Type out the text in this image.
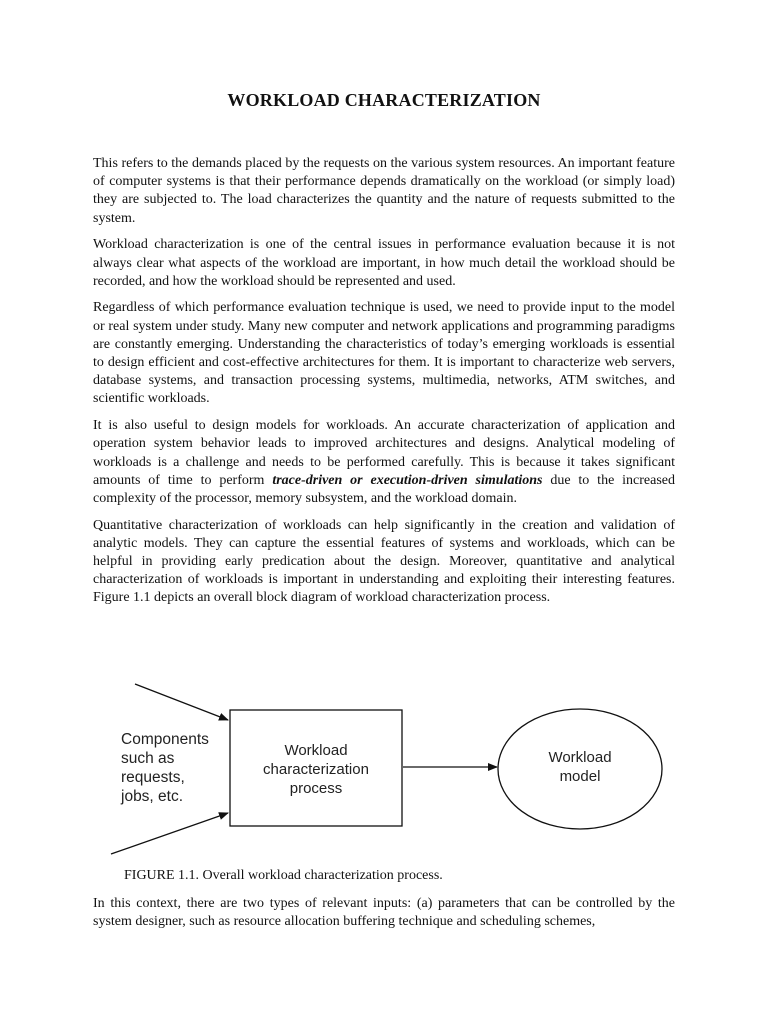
WORKLOAD CHARACTERIZATION

This refers to the demands placed by the requests on the various system resources. An important feature of computer systems is that their performance depends dramatically on the workload (or simply load) they are subjected to. The load characterizes the quantity and the nature of requests submitted to the system.

Workload characterization is one of the central issues in performance evaluation because it is not always clear what aspects of the workload are important, in how much detail the workload should be recorded, and how the workload should be represented and used.

Regardless of which performance evaluation technique is used, we need to provide input to the model or real system under study. Many new computer and network applications and programming paradigms are constantly emerging. Understanding the characteristics of today’s emerging workloads is essential to design efficient and cost-effective architectures for them. It is important to characterize web servers, database systems, and transaction processing systems, multimedia, networks, ATM switches, and scientific workloads.

It is also useful to design models for workloads. An accurate characterization of application and operation system behavior leads to improved architectures and designs. Analytical modeling of workloads is a challenge and needs to be performed carefully. This is because it takes significant amounts of time to perform trace-driven or execution-driven simulations due to the increased complexity of the processor, memory subsystem, and the workload domain.

Quantitative characterization of workloads can help significantly in the creation and validation of analytic models. They can capture the essential features of systems and workloads, which can be helpful in providing early predication about the design. Moreover, quantitative and analytical characterization of workloads is important in understanding and exploiting their interesting features. Figure 1.1 depicts an overall block diagram of workload characterization process.

Components
such as
requests,
jobs, etc.
Workload
characterization
process
Workload
model

FIGURE 1.1. Overall workload characterization process.

In this context, there are two types of relevant inputs: (a) parameters that can be controlled by the system designer, such as resource allocation buffering technique and scheduling schemes,
